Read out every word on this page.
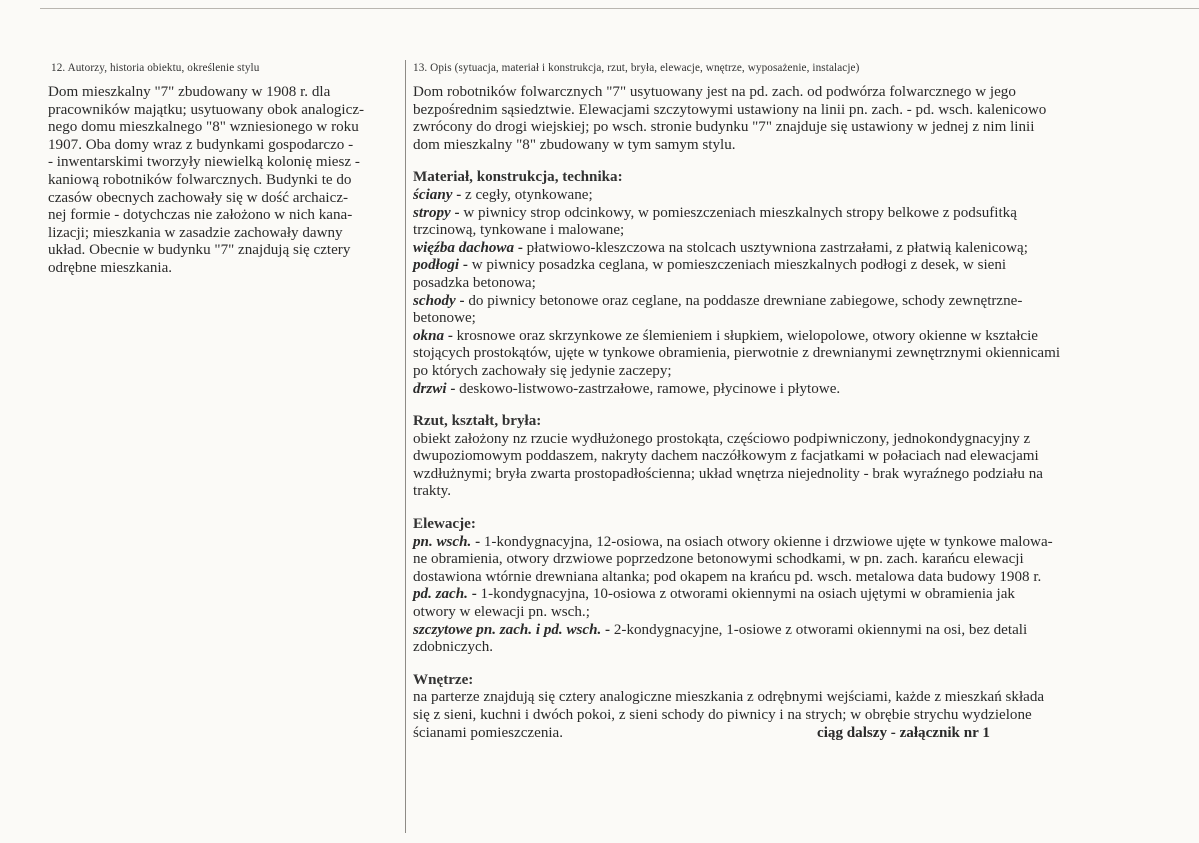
12. Autorzy, historia obiektu, określenie stylu

Dom mieszkalny "7" zbudowany w 1908 r. dla
pracowników majątku; usytuowany obok analogicz-
nego domu mieszkalnego "8" wzniesionego w roku
1907. Oba domy wraz z budynkami gospodarczo -
- inwentarskimi tworzyły niewielką kolonię miesz -
kaniową robotników folwarcznych. Budynki te do
czasów obecnych zachowały się w dość archaicz-
nej formie - dotychczas nie założono w nich kana-
lizacji; mieszkania w zasadzie zachowały dawny
układ. Obecnie w budynku "7" znajdują się cztery
odrębne mieszkania.

13. Opis (sytuacja, materiał i konstrukcja, rzut, bryła, elewacje, wnętrze, wyposażenie, instalacje)

Dom robotników folwarcznych "7" usytuowany jest na pd. zach. od podwórza folwarcznego w jego
bezpośrednim sąsiedztwie. Elewacjami szczytowymi ustawiony na linii pn. zach. - pd. wsch. kalenicowo
zwrócony do drogi wiejskiej; po wsch. stronie budynku "7" znajduje się ustawiony w jednej z nim linii
dom mieszkalny "8" zbudowany w tym samym stylu.

Materiał, konstrukcja, technika:

ściany - z cegły, otynkowane;
stropy - w piwnicy strop odcinkowy, w pomieszczeniach mieszkalnych stropy belkowe z podsufitką
trzcinową, tynkowane i malowane;
więźba dachowa - płatwiowo-kleszczowa na stolcach usztywniona zastrzałami, z płatwią kalenicową;
podłogi - w piwnicy posadzka ceglana, w pomieszczeniach mieszkalnych podłogi z desek, w sieni
posadzka betonowa;
schody - do piwnicy betonowe oraz ceglane, na poddasze drewniane zabiegowe, schody zewnętrzne-
betonowe;
okna - krosnowe oraz skrzynkowe ze ślemieniem i słupkiem, wielopolowe, otwory okienne w kształcie
stojących prostokątów, ujęte w tynkowe obramienia, pierwotnie z drewnianymi zewnętrznymi okiennicami
po których zachowały się jedynie zaczepy;
drzwi - deskowo-listwowo-zastrzałowe, ramowe, płycinowe i płytowe.

Rzut, kształt, bryła:

obiekt założony nz rzucie wydłużonego prostokąta, częściowo podpiwniczony, jednokondygnacyjny z
dwupoziomowym poddaszem, nakryty dachem naczółkowym z facjatkami w połaciach nad elewacjami
wzdłużnymi; bryła zwarta prostopadłościenna; układ wnętrza niejednolity - brak wyraźnego podziału na
trakty.

Elewacje:

pn. wsch. - 1-kondygnacyjna, 12-osiowa, na osiach otwory okienne i drzwiowe ujęte w tynkowe malowa-
ne obramienia, otwory drzwiowe poprzedzone betonowymi schodkami, w pn. zach. karańcu elewacji
dostawiona wtórnie drewniana altanka; pod okapem na krańcu pd. wsch. metalowa data budowy 1908 r.
pd. zach. - 1-kondygnacyjna, 10-osiowa z otworami okiennymi na osiach ujętymi w obramienia jak
otwory w elewacji pn. wsch.;
szczytowe pn. zach. i pd. wsch. - 2-kondygnacyjne, 1-osiowe z otworami okiennymi na osi, bez detali
zdobniczych.

Wnętrze:

na parterze znajdują się cztery analogiczne mieszkania z odrębnymi wejściami, każde z mieszkań składa
się z sieni, kuchni i dwóch pokoi, z sieni schody do piwnicy i na strych; w obrębie strychu wydzielone
ścianami pomieszczenia.	ciąg dalszy - załącznik nr 1
